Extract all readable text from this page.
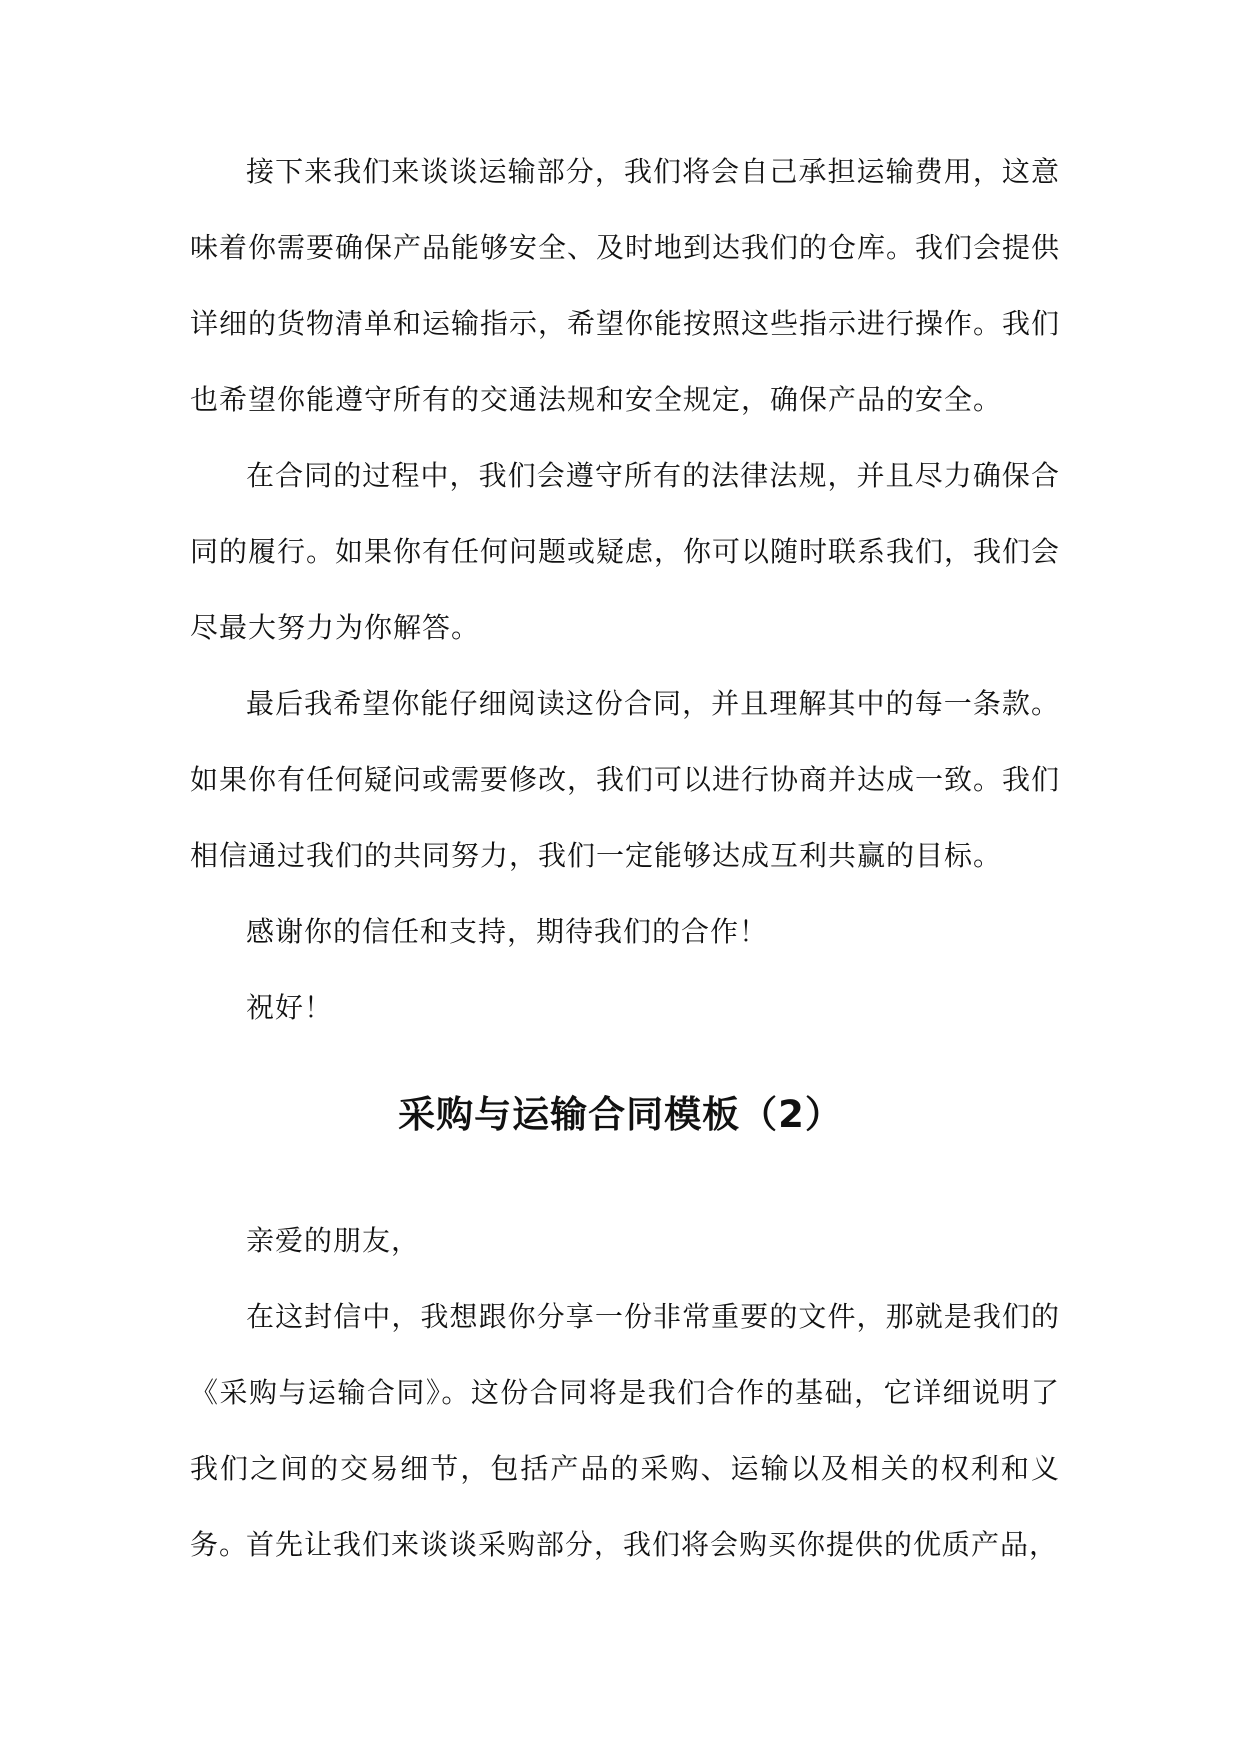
接下来我们来谈谈运输部分，我们将会自己承担运输费用，这意味着你需要确保产品能够安全、及时地到达我们的仓库。我们会提供详细的货物清单和运输指示，希望你能按照这些指示进行操作。我们也希望你能遵守所有的交通法规和安全规定，确保产品的安全。

在合同的过程中，我们会遵守所有的法律法规，并且尽力确保合同的履行。如果你有任何问题或疑虑，你可以随时联系我们，我们会尽最大努力为你解答。

最后我希望你能仔细阅读这份合同，并且理解其中的每一条款。如果你有任何疑问或需要修改，我们可以进行协商并达成一致。我们相信通过我们的共同努力，我们一定能够达成互利共赢的目标。

感谢你的信任和支持，期待我们的合作！

祝好！

采购与运输合同模板（2）

亲爱的朋友，

在这封信中，我想跟你分享一份非常重要的文件，那就是我们的《采购与运输合同》。这份合同将是我们合作的基础，它详细说明了我们之间的交易细节，包括产品的采购、运输以及相关的权利和义务。

首先让我们来谈谈采购部分，我们将会购买你提供的优质产品，
